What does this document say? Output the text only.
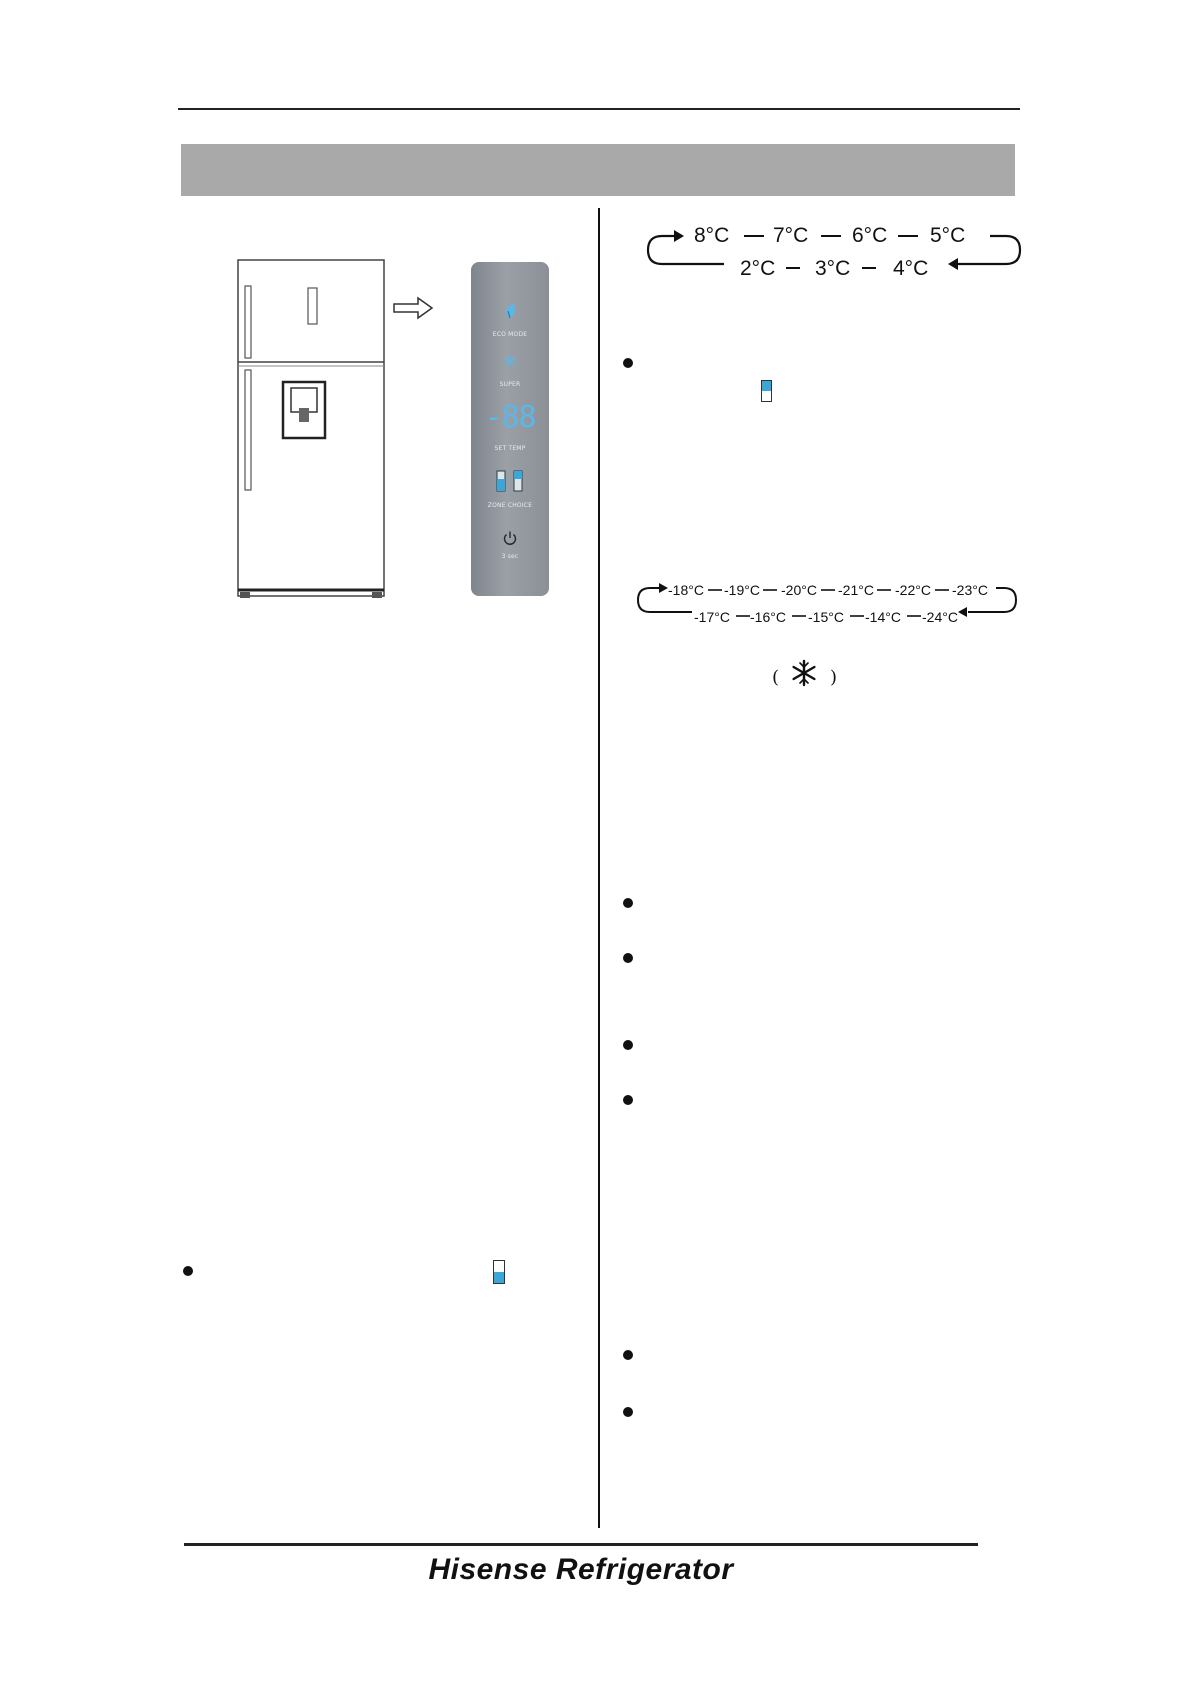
ECO MODE
SUPER
-88
SET TEMP
ZONE CHOICE
3 sec
8°C 7°C 6°C 5°C
2°C 3°C 4°C
-18°C -19°C -20°C -21°C -22°C -23°C
-17°C -16°C -15°C -14°C -24°C
(	)
Hisense Refrigerator
